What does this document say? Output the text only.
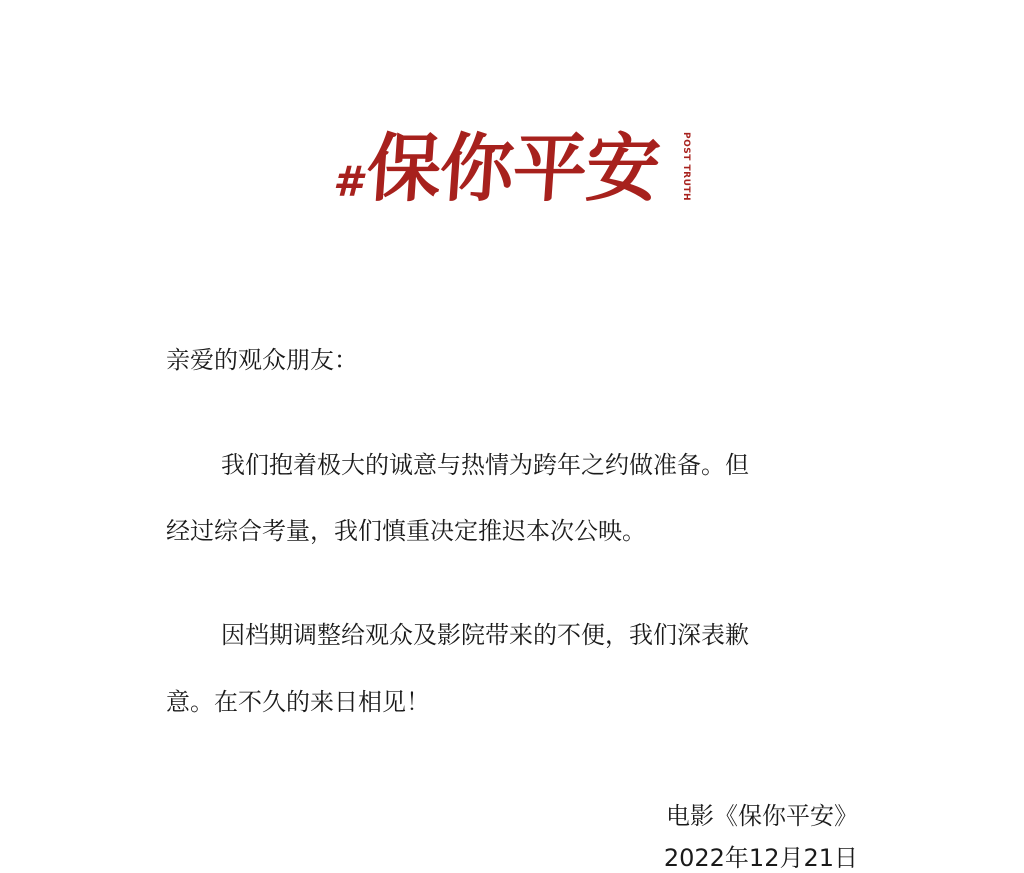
# 保你平安 POST TRUTH
亲爱的观众朋友：
我们抱着极大的诚意与热情为跨年之约做准备。但
经过综合考量，我们慎重决定推迟本次公映。
因档期调整给观众及影院带来的不便，我们深表歉
意。在不久的来日相见！
电影《保你平安》
2022年12月21日
